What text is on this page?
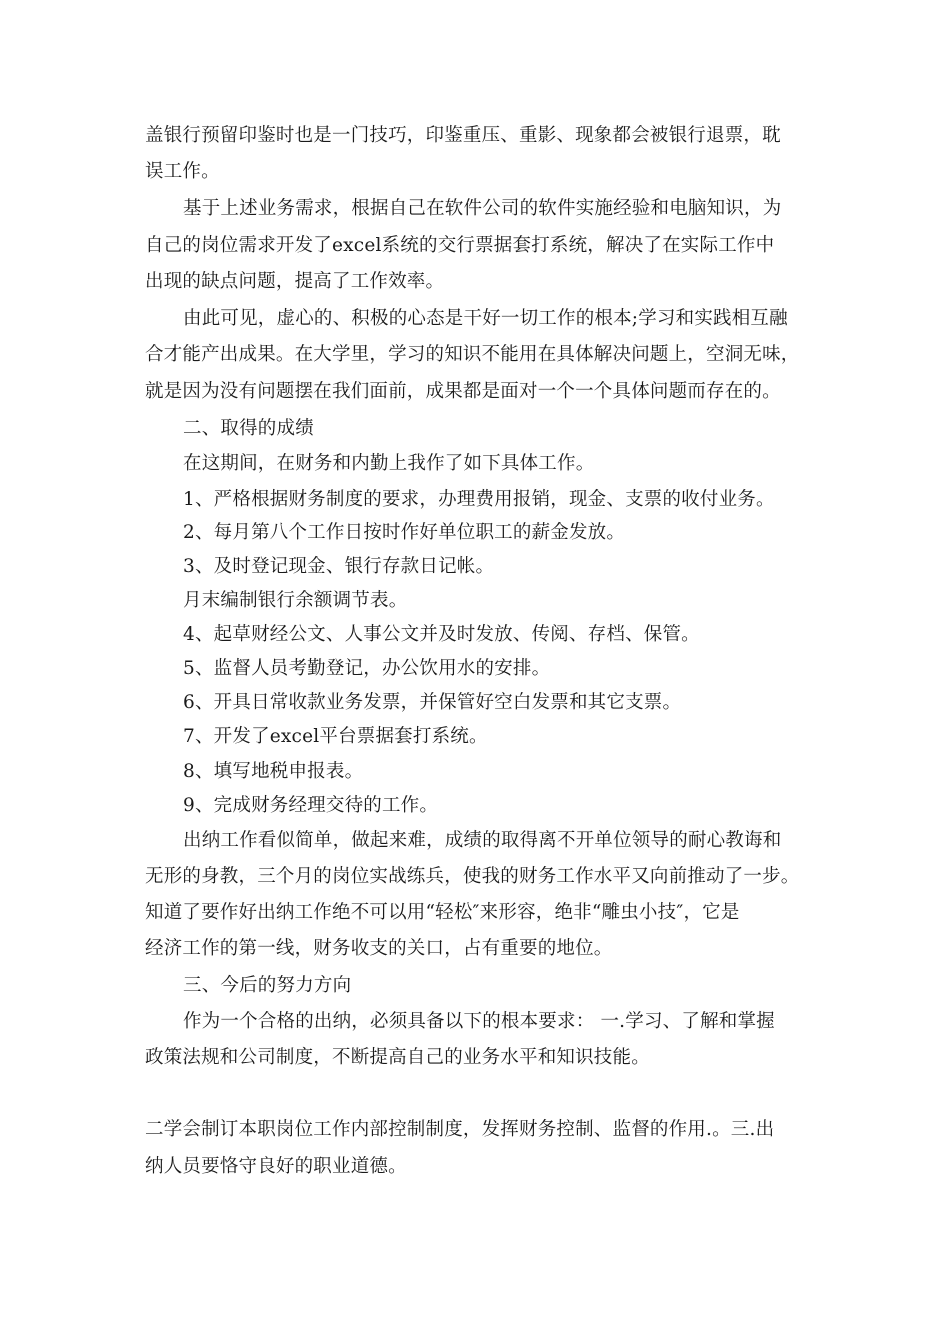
盖银行预留印鉴时也是一门技巧，印鉴重压、重影、现象都会被银行退票，耽
误工作。
基于上述业务需求，根据自己在软件公司的软件实施经验和电脑知识，为
自己的岗位需求开发了excel系统的交行票据套打系统，解决了在实际工作中
出现的缺点问题，提高了工作效率。
由此可见，虚心的、积极的心态是干好一切工作的根本;学习和实践相互融
合才能产出成果。在大学里，学习的知识不能用在具体解决问题上，空洞无味，
就是因为没有问题摆在我们面前，成果都是面对一个一个具体问题而存在的。
二、取得的成绩
在这期间，在财务和内勤上我作了如下具体工作。
1、严格根据财务制度的要求，办理费用报销，现金、支票的收付业务。
2、每月第八个工作日按时作好单位职工的薪金发放。
3、及时登记现金、银行存款日记帐。
月末编制银行余额调节表。
4、起草财经公文、人事公文并及时发放、传阅、存档、保管。
5、监督人员考勤登记，办公饮用水的安排。
6、开具日常收款业务发票，并保管好空白发票和其它支票。
7、开发了excel平台票据套打系统。
8、填写地税申报表。
9、完成财务经理交待的工作。
出纳工作看似简单，做起来难，成绩的取得离不开单位领导的耐心教诲和
无形的身教，三个月的岗位实战练兵，使我的财务工作水平又向前推动了一步。
知道了要作好出纳工作绝不可以用“轻松″来形容，绝非“雕虫小技″，它是
经济工作的第一线，财务收支的关口，占有重要的地位。
三、今后的努力方向
作为一个合格的出纳，必须具备以下的根本要求： 一.学习、了解和掌握
政策法规和公司制度，不断提高自己的业务水平和知识技能。
二学会制订本职岗位工作内部控制制度，发挥财务控制、监督的作用.。三.出
纳人员要恪守良好的职业道德。
